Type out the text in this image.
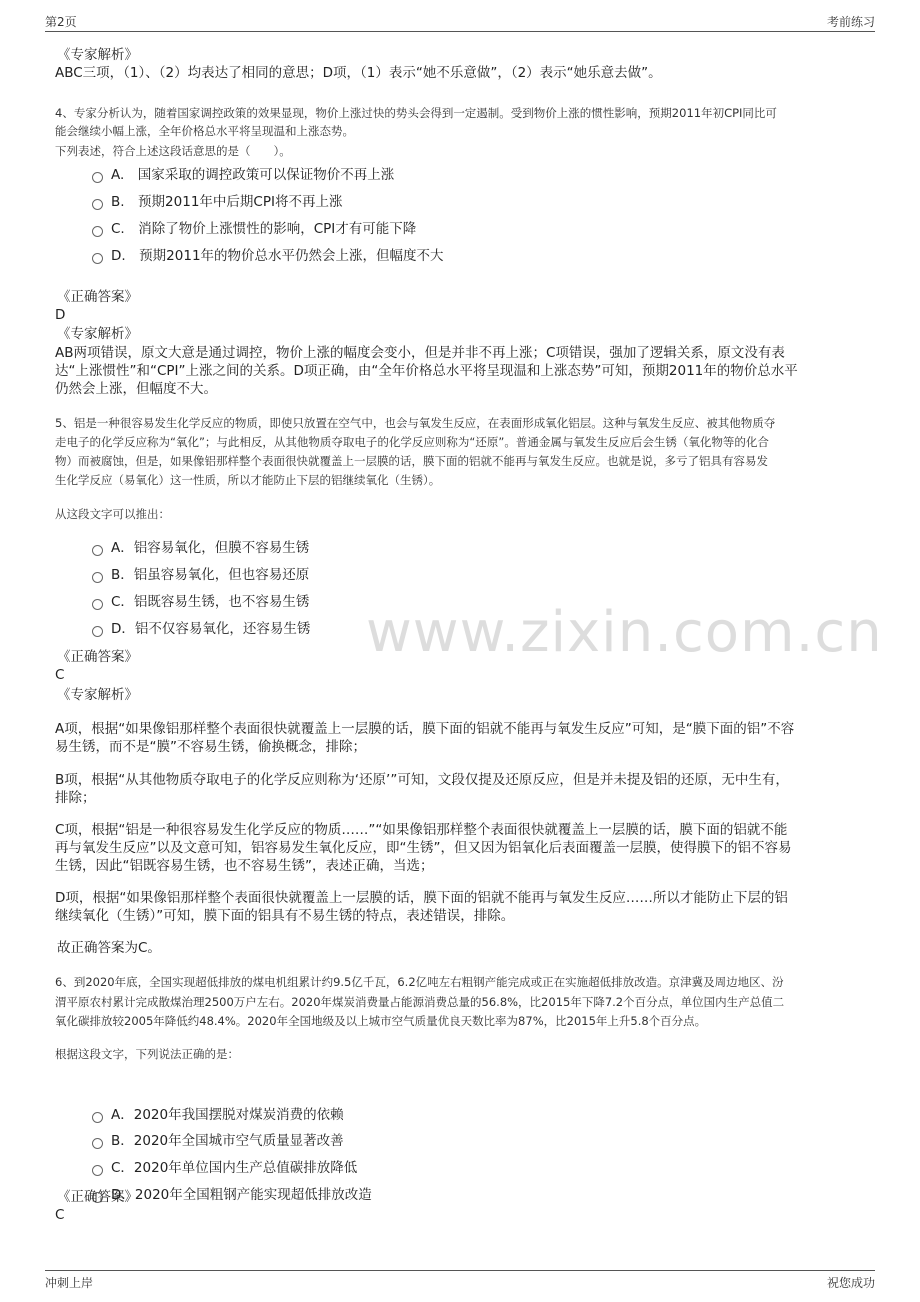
第2页	考前练习
www.zixin.com.cn
《专家解析》
ABC三项，（1）、（2）均表达了相同的意思；D项，（1）表示“她不乐意做”，（2）表示“她乐意去做”。
4、专家分析认为，随着国家调控政策的效果显现，物价上涨过快的势头会得到一定遏制。受到物价上涨的惯性影响，预期2011年初CPI同比可
能会继续小幅上涨，全年价格总水平将呈现温和上涨态势。
下列表述，符合上述这段话意思的是（　　）。
A.　国家采取的调控政策可以保证物价不再上涨
B.　预期2011年中后期CPI将不再上涨
C.　消除了物价上涨惯性的影响，CPI才有可能下降
D.　预期2011年的物价总水平仍然会上涨，但幅度不大
《正确答案》
D
《专家解析》
AB两项错误，原文大意是通过调控，物价上涨的幅度会变小，但是并非不再上涨；C项错误，强加了逻辑关系，原文没有表
达“上涨惯性”和“CPI”上涨之间的关系。D项正确，由“全年价格总水平将呈现温和上涨态势”可知，预期2011年的物价总水平
仍然会上涨，但幅度不大。
5、铝是一种很容易发生化学反应的物质，即使只放置在空气中，也会与氧发生反应，在表面形成氧化铝层。这种与氧发生反应、被其他物质夺
走电子的化学反应称为“氧化”；与此相反，从其他物质夺取电子的化学反应则称为“还原”。普通金属与氧发生反应后会生锈（氧化物等的化合
物）而被腐蚀，但是，如果像铝那样整个表面很快就覆盖上一层膜的话，膜下面的铝就不能再与氧发生反应。也就是说，多亏了铝具有容易发
生化学反应（易氧化）这一性质，所以才能防止下层的铝继续氧化（生锈）。
从这段文字可以推出：
A．铝容易氧化，但膜不容易生锈
B．铝虽容易氧化，但也容易还原
C．铝既容易生锈，也不容易生锈
D．铝不仅容易氧化，还容易生锈
《正确答案》
C
《专家解析》
A项，根据“如果像铝那样整个表面很快就覆盖上一层膜的话，膜下面的铝就不能再与氧发生反应”可知，是“膜下面的铝”不容
易生锈，而不是“膜”不容易生锈，偷换概念，排除；
B项，根据“从其他物质夺取电子的化学反应则称为‘还原’”可知，文段仅提及还原反应，但是并未提及铝的还原，无中生有，
排除；
C项，根据“铝是一种很容易发生化学反应的物质……”“如果像铝那样整个表面很快就覆盖上一层膜的话，膜下面的铝就不能
再与氧发生反应”以及文意可知，铝容易发生氧化反应，即“生锈”，但又因为铝氧化后表面覆盖一层膜，使得膜下的铝不容易
生锈，因此“铝既容易生锈，也不容易生锈”，表述正确，当选；
D项，根据“如果像铝那样整个表面很快就覆盖上一层膜的话，膜下面的铝就不能再与氧发生反应……所以才能防止下层的铝
继续氧化（生锈）”可知，膜下面的铝具有不易生锈的特点，表述错误，排除。
故正确答案为C。
6、到2020年底，全国实现超低排放的煤电机组累计约9.5亿千瓦，6.2亿吨左右粗钢产能完成或正在实施超低排放改造。京津冀及周边地区、汾
渭平原农村累计完成散煤治理2500万户左右。2020年煤炭消费量占能源消费总量的56.8%，比2015年下降7.2个百分点，单位国内生产总值二
氧化碳排放较2005年降低约48.4%。2020年全国地级及以上城市空气质量优良天数比率为87%，比2015年上升5.8个百分点。
根据这段文字，下列说法正确的是：
A．2020年我国摆脱对煤炭消费的依赖
B．2020年全国城市空气质量显著改善
C．2020年单位国内生产总值碳排放降低
D．2020年全国粗钢产能实现超低排放改造
《正确答案》
C
冲刺上岸	祝您成功
